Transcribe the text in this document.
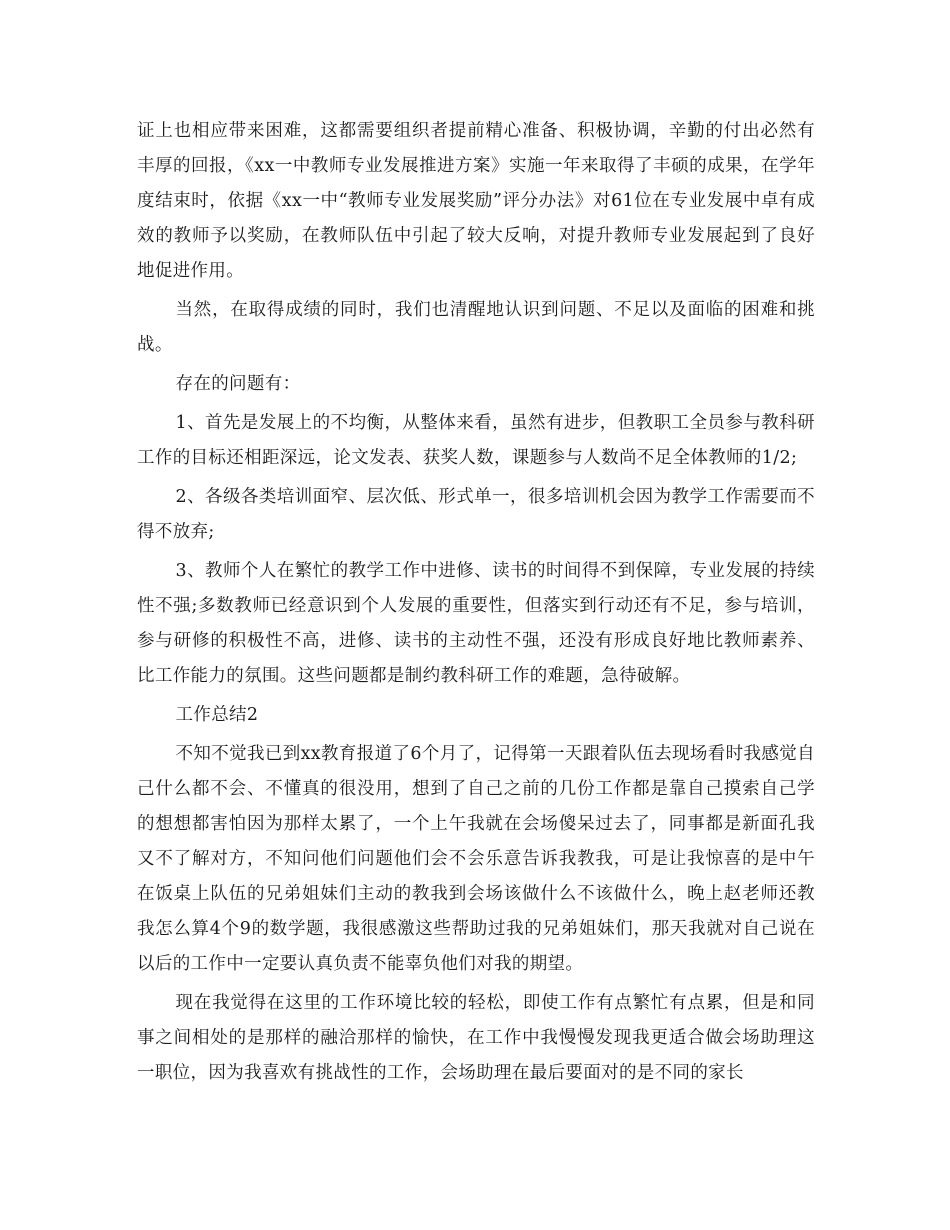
证上也相应带来困难，这都需要组织者提前精心准备、积极协调，辛勤的付出必然有丰厚的回报，《xx一中教师专业发展推进方案》实施一年来取得了丰硕的成果，在学年度结束时，依据《xx一中“教师专业发展奖励”评分办法》对61位在专业发展中卓有成效的教师予以奖励，在教师队伍中引起了较大反响，对提升教师专业发展起到了良好地促进作用。

当然，在取得成绩的同时，我们也清醒地认识到问题、不足以及面临的困难和挑战。

存在的问题有：

1、首先是发展上的不均衡，从整体来看，虽然有进步，但教职工全员参与教科研工作的目标还相距深远，论文发表、获奖人数，课题参与人数尚不足全体教师的1/2;

2、各级各类培训面窄、层次低、形式单一，很多培训机会因为教学工作需要而不得不放弃;

3、教师个人在繁忙的教学工作中进修、读书的时间得不到保障，专业发展的持续性不强;多数教师已经意识到个人发展的重要性，但落实到行动还有不足，参与培训，参与研修的积极性不高，进修、读书的主动性不强，还没有形成良好地比教师素养、比工作能力的氛围。这些问题都是制约教科研工作的难题，急待破解。

工作总结2

不知不觉我已到xx教育报道了6个月了，记得第一天跟着队伍去现场看时我感觉自己什么都不会、不懂真的很没用，想到了自己之前的几份工作都是靠自己摸索自己学的想想都害怕因为那样太累了，一个上午我就在会场傻呆过去了，同事都是新面孔我又不了解对方，不知问他们问题他们会不会乐意告诉我教我，可是让我惊喜的是中午在饭桌上队伍的兄弟姐妹们主动的教我到会场该做什么不该做什么，晚上赵老师还教我怎么算4个9的数学题，我很感激这些帮助过我的兄弟姐妹们，那天我就对自己说在以后的工作中一定要认真负责不能辜负他们对我的期望。

现在我觉得在这里的工作环境比较的轻松，即使工作有点繁忙有点累，但是和同事之间相处的是那样的融洽那样的愉快，在工作中我慢慢发现我更适合做会场助理这一职位，因为我喜欢有挑战性的工作，会场助理在最后要面对的是不同的家长
